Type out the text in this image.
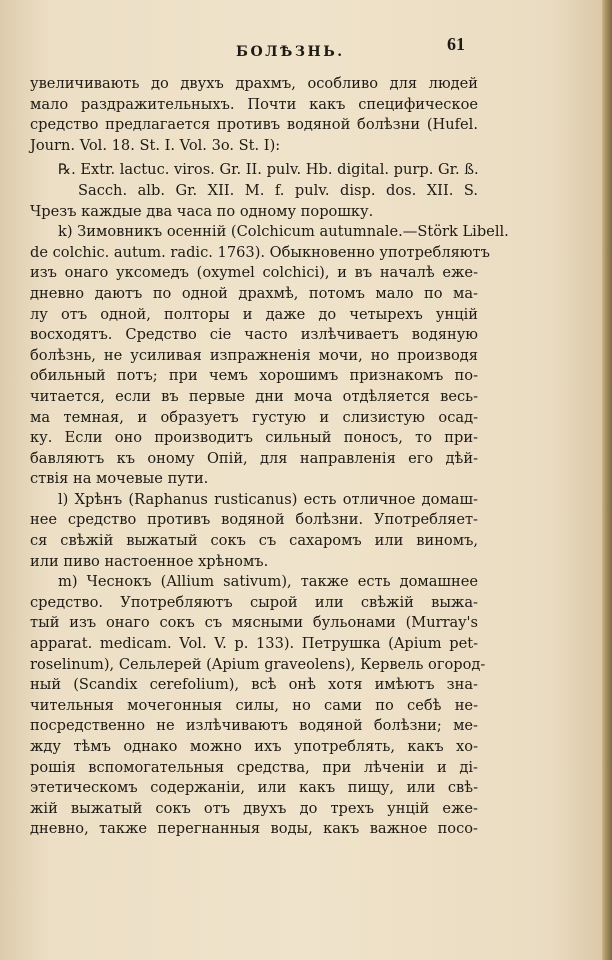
БОЛѢЗНЬ.	61
увеличивають до двухъ драхмъ, особливо для людей
мало раздражительныхъ. Почти какъ специфическое
средство предлагается противъ водяной болѣзни (Hufel.
Journ. Vol. 18. St. I. Vol. 3o. St. I):
℞. Extr. lactuc. viros. Gr. II. pulv. Hb. digital. purp. Gr. ß.
Sacch. alb. Gr. XII. M. f. pulv. disp. dos. XII. S.
Чрезъ каждые два часа по одному порошку.
k) Зимовникъ осенній (Colchicum autumnale.—Störk Libell.
de colchic. autum. radic. 1763). Обыкновенно употребляютъ
изъ онаго уксомедъ (oxymel colchici), и въ началѣ еже-
дневно даютъ по одной драхмѣ, потомъ мало по ма-
лу отъ одной, полторы и даже до четырехъ унцій
восходятъ. Средство сіе часто излѣчиваетъ водяную
болѣзнь, не усиливая изпражненія мочи, но производя
обильный потъ; при чемъ хорошимъ признакомъ по-
читается, если въ первые дни моча отдѣляется весь-
ма темная, и образуетъ густую и слизистую осад-
ку. Если оно производитъ сильный поносъ, то при-
бавляютъ къ оному Опій, для направленія его дѣй-
ствія на мочевые пути.
l) Хрѣнъ (Raphanus rusticanus) есть отличное домаш-
нее средство противъ водяной болѣзни. Употребляет-
ся свѣжій выжатый сокъ съ сахаромъ или виномъ,
или пиво настоенное хрѣномъ.
m) Чеснокъ (Allium sativum), также есть домашнее
средство. Употребляютъ сырой или свѣжій выжа-
тый изъ онаго сокъ съ мясными бульонами (Murray's
apparat. medicam. Vol. V. p. 133). Петрушка (Apium pet-
roselinum), Сельлерей (Apium graveolens), Кервель огород-
ный (Scandix cerefolium), всѣ онѣ хотя имѣютъ зна-
чительныя мочегонныя силы, но сами по себѣ не-
посредственно не излѣчиваютъ водяной болѣзни; ме-
жду тѣмъ однако можно ихъ употреблять, какъ хо-
рошія вспомогательныя средства, при лѣченіи и ді-
этетическомъ содержаніи, или какъ пищу, или свѣ-
жій выжатый сокъ отъ двухъ до трехъ унцій еже-
дневно, также перегнанныя воды, какъ важное посо-
